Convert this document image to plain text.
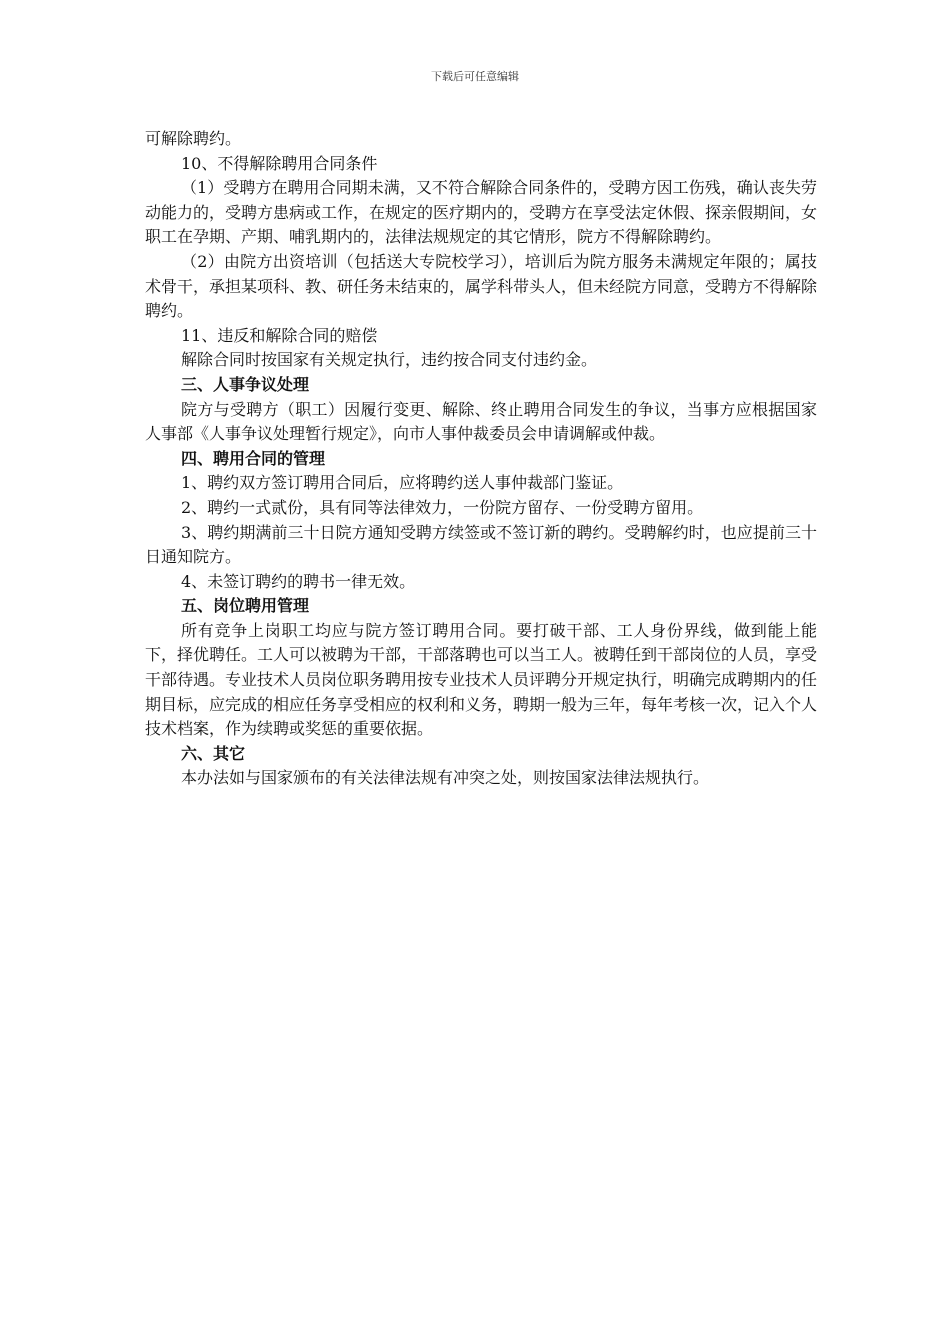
下载后可任意编辑

可解除聘约。

10、不得解除聘用合同条件

（1）受聘方在聘用合同期未满，又不符合解除合同条件的，受聘方因工伤残，确认丧失劳动能力的，受聘方患病或工作，在规定的医疗期内的，受聘方在享受法定休假、探亲假期间，女职工在孕期、产期、哺乳期内的，法律法规规定的其它情形，院方不得解除聘约。

（2）由院方出资培训（包括送大专院校学习），培训后为院方服务未满规定年限的；属技术骨干，承担某项科、教、研任务未结束的，属学科带头人，但未经院方同意，受聘方不得解除聘约。

11、违反和解除合同的赔偿

解除合同时按国家有关规定执行，违约按合同支付违约金。

三、人事争议处理

院方与受聘方（职工）因履行变更、解除、终止聘用合同发生的争议，当事方应根据国家人事部《人事争议处理暂行规定》，向市人事仲裁委员会申请调解或仲裁。

四、聘用合同的管理

1、聘约双方签订聘用合同后，应将聘约送人事仲裁部门鉴证。

2、聘约一式贰份，具有同等法律效力，一份院方留存、一份受聘方留用。

3、聘约期满前三十日院方通知受聘方续签或不签订新的聘约。受聘解约时，也应提前三十日通知院方。

4、未签订聘约的聘书一律无效。

五、岗位聘用管理

所有竞争上岗职工均应与院方签订聘用合同。要打破干部、工人身份界线，做到能上能下，择优聘任。工人可以被聘为干部，干部落聘也可以当工人。被聘任到干部岗位的人员，享受干部待遇。专业技术人员岗位职务聘用按专业技术人员评聘分开规定执行，明确完成聘期内的任期目标，应完成的相应任务享受相应的权利和义务，聘期一般为三年，每年考核一次，记入个人技术档案，作为续聘或奖惩的重要依据。

六、其它

本办法如与国家颁布的有关法律法规有冲突之处，则按国家法律法规执行。
